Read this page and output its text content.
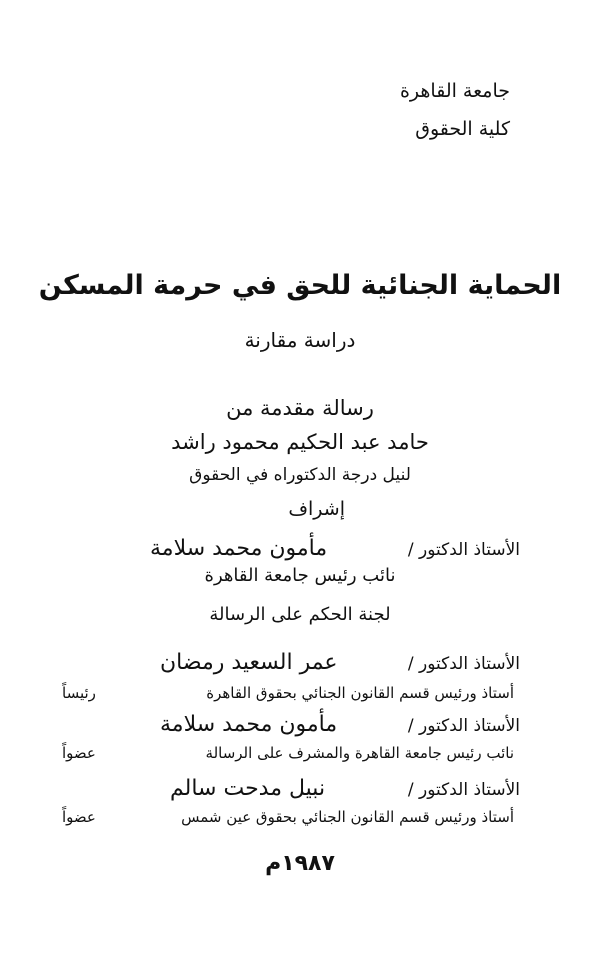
جامعة القاهرة
كلية الحقوق
الحماية الجنائية للحق في حرمة المسكن
دراسة مقارنة
رسالة مقدمة من
حامد عبد الحكيم محمود راشد
لنيل درجة الدكتوراه في الحقوق
إشراف
الأستاذ الدكتور /
مأمون محمد سلامة
نائب رئيس جامعة القاهرة
لجنة الحكم على الرسالة
الأستاذ الدكتور /
عمر السعيد رمضان
أستاذ ورئيس قسم القانون الجنائي بحقوق القاهرة
رئيساً
الأستاذ الدكتور /
مأمون محمد سلامة
نائب رئيس جامعة القاهرة والمشرف على الرسالة
عضواً
الأستاذ الدكتور /
نبيل مدحت سالم
أستاذ ورئيس قسم القانون الجنائي بحقوق عين شمس
عضواً
١٩٨٧م
